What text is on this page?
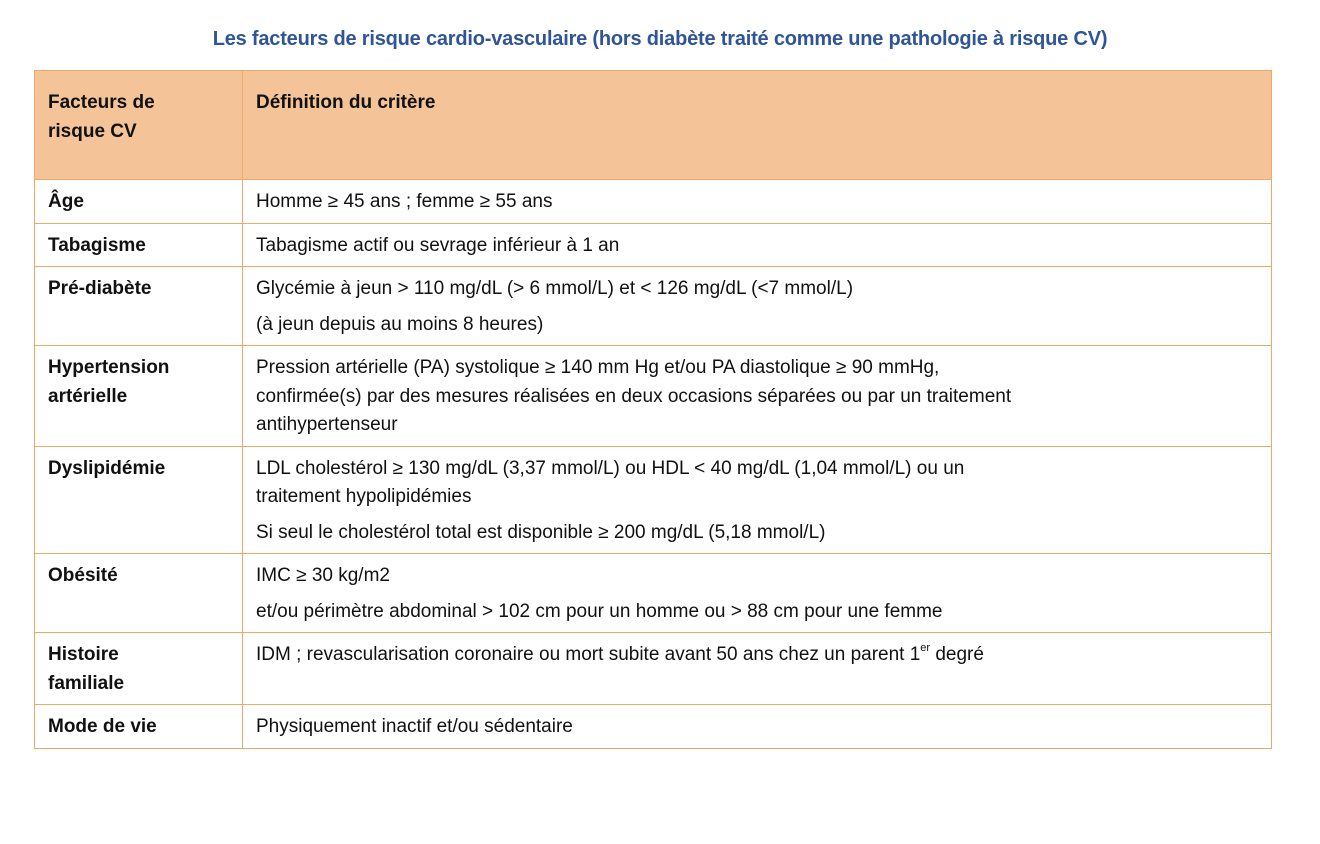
Les facteurs de risque cardio-vasculaire (hors diabète traité comme une pathologie à risque CV)
Facteurs de
risque CV	Définition du critère
Âge	Homme ≥ 45 ans ; femme ≥ 55 ans

Tabagisme	Tabagisme actif ou sevrage inférieur à 1 an

Pré-diabète	Glycémie à jeun > 110 mg/dL (> 6 mmol/L) et < 126 mg/dL (<7 mmol/L)
(à jeun depuis au moins 8 heures)

Hypertension
artérielle	Pression artérielle (PA) systolique ≥ 140 mm Hg et/ou PA diastolique ≥ 90 mmHg,
confirmée(s) par des mesures réalisées en deux occasions séparées ou par un traitement
antihypertenseur

Dyslipidémie	LDL cholestérol ≥ 130 mg/dL (3,37 mmol/L) ou HDL < 40 mg/dL (1,04 mmol/L) ou un
traitement hypolipidémies
Si seul le cholestérol total est disponible ≥ 200 mg/dL (5,18 mmol/L)

Obésité	IMC ≥ 30 kg/m2
et/ou périmètre abdominal > 102 cm pour un homme ou > 88 cm pour une femme

Histoire
familiale	IDM ; revascularisation coronaire ou mort subite avant 50 ans chez un parent 1er degré
Mode de vie	Physiquement inactif et/ou sédentaire
